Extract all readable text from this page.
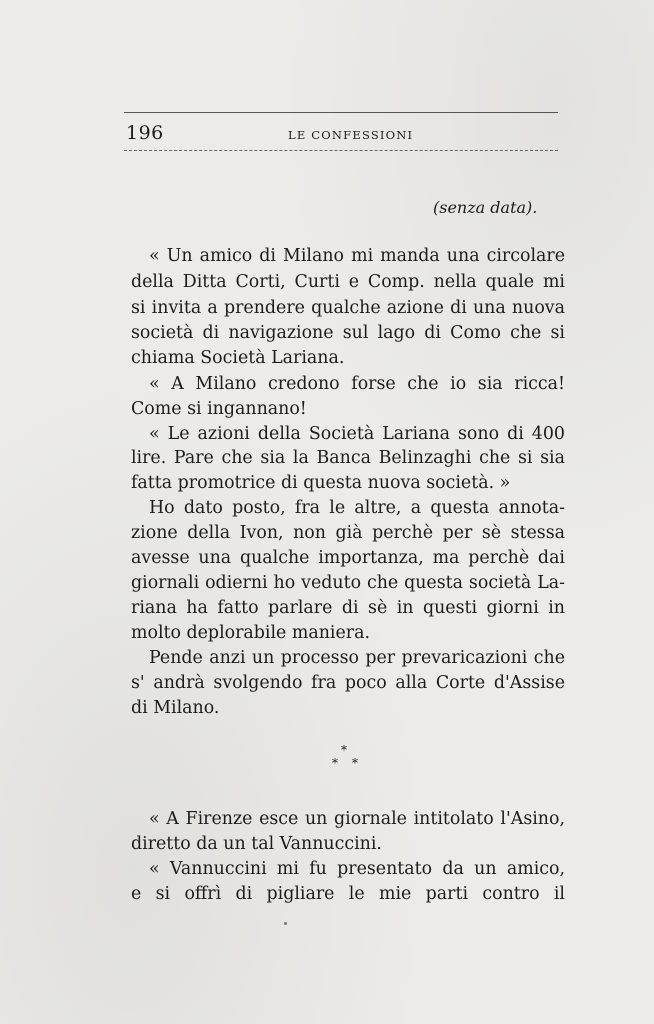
196	LE CONFESSIONI
(senza data).
« Un amico di Milano mi manda una circolare
della Ditta Corti, Curti e Comp. nella quale mi
si invita a prendere qualche azione di una nuova
società di navigazione sul lago di Como che si
chiama Società Lariana.
« A Milano credono forse che io sia ricca!
Come si ingannano!
« Le azioni della Società Lariana sono di 400
lire. Pare che sia la Banca Belinzaghi che si sia
fatta promotrice di questa nuova società. »
Ho dato posto, fra le altre, a questa annota-
zione della Ivon, non già perchè per sè stessa
avesse una qualche importanza, ma perchè dai
giornali odierni ho veduto che questa società La-
riana ha fatto parlare di sè in questi giorni in
molto deplorabile maniera.
Pende anzi un processo per prevaricazioni che
s' andrà svolgendo fra poco alla Corte d'Assise
di Milano.
*
* *
« A Firenze esce un giornale intitolato l'Asino,
diretto da un tal Vannuccini.
« Vannuccini mi fu presentato da un amico,
e si offrì di pigliare le mie parti contro il
